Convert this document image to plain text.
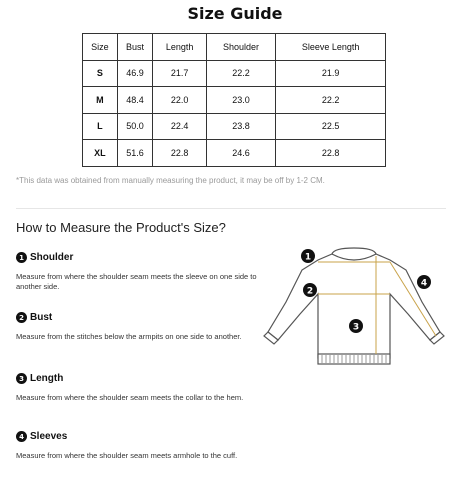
Size Guide
Size	Bust	Length	Shoulder	Sleeve Length
S	46.9	21.7	22.2	21.9
M	48.4	22.0	23.0	22.2
L	50.0	22.4	23.8	22.5
XL	51.6	22.8	24.6	22.8
*This data was obtained from manually measuring the product, it may be off by 1-2 CM.
How to Measure the Product's Size?
1 Shoulder
Measure from where the shoulder seam meets the sleeve on one side to another side.
2 Bust
Measure from the stitches below the armpits on one side to another.
3 Length
Measure from where the shoulder seam meets the collar to the hem.
4 Sleeves
Measure from where the shoulder seam meets armhole to the cuff.
1
2
3
4
